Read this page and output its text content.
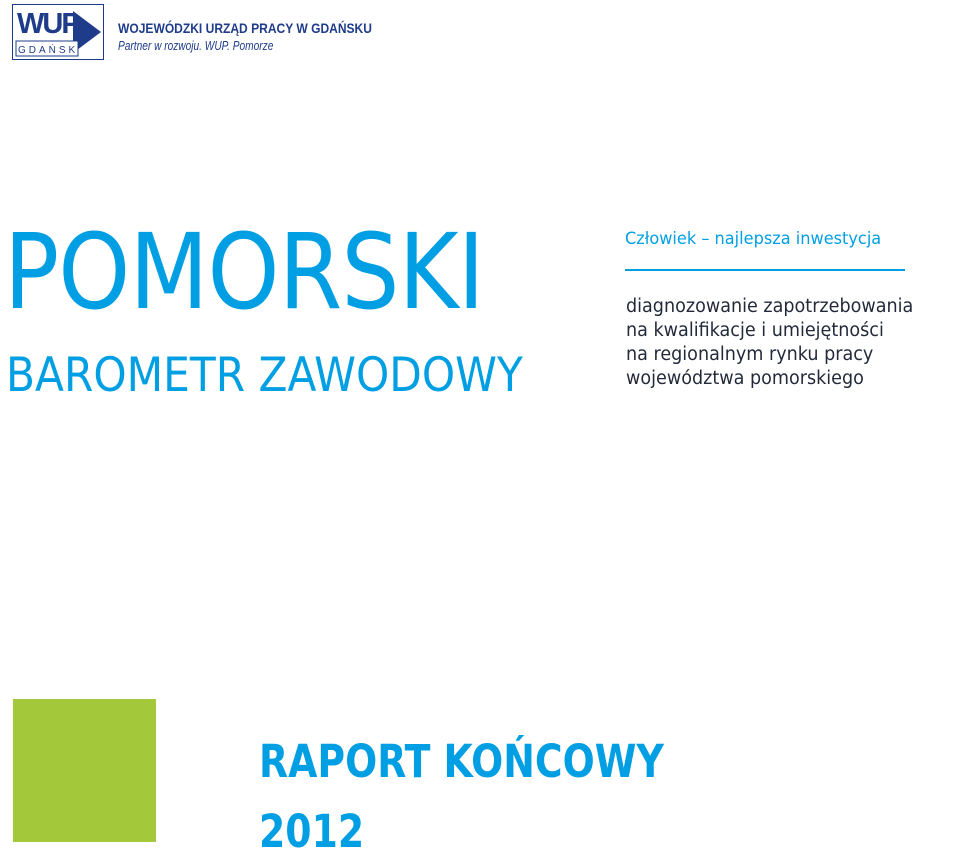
WUP
GDAŃSK
WOJEWÓDZKI URZĄD PRACY W GDAŃSKU
Partner w rozwoju. WUP. Pomorze
POMORSKI
BAROMETR ZAWODOWY
Człowiek – najlepsza inwestycja
diagnozowanie zapotrzebowania
na kwalifikacje i umiejętności
na regionalnym rynku pracy
województwa pomorskiego
RAPORT KOŃCOWY
2012
